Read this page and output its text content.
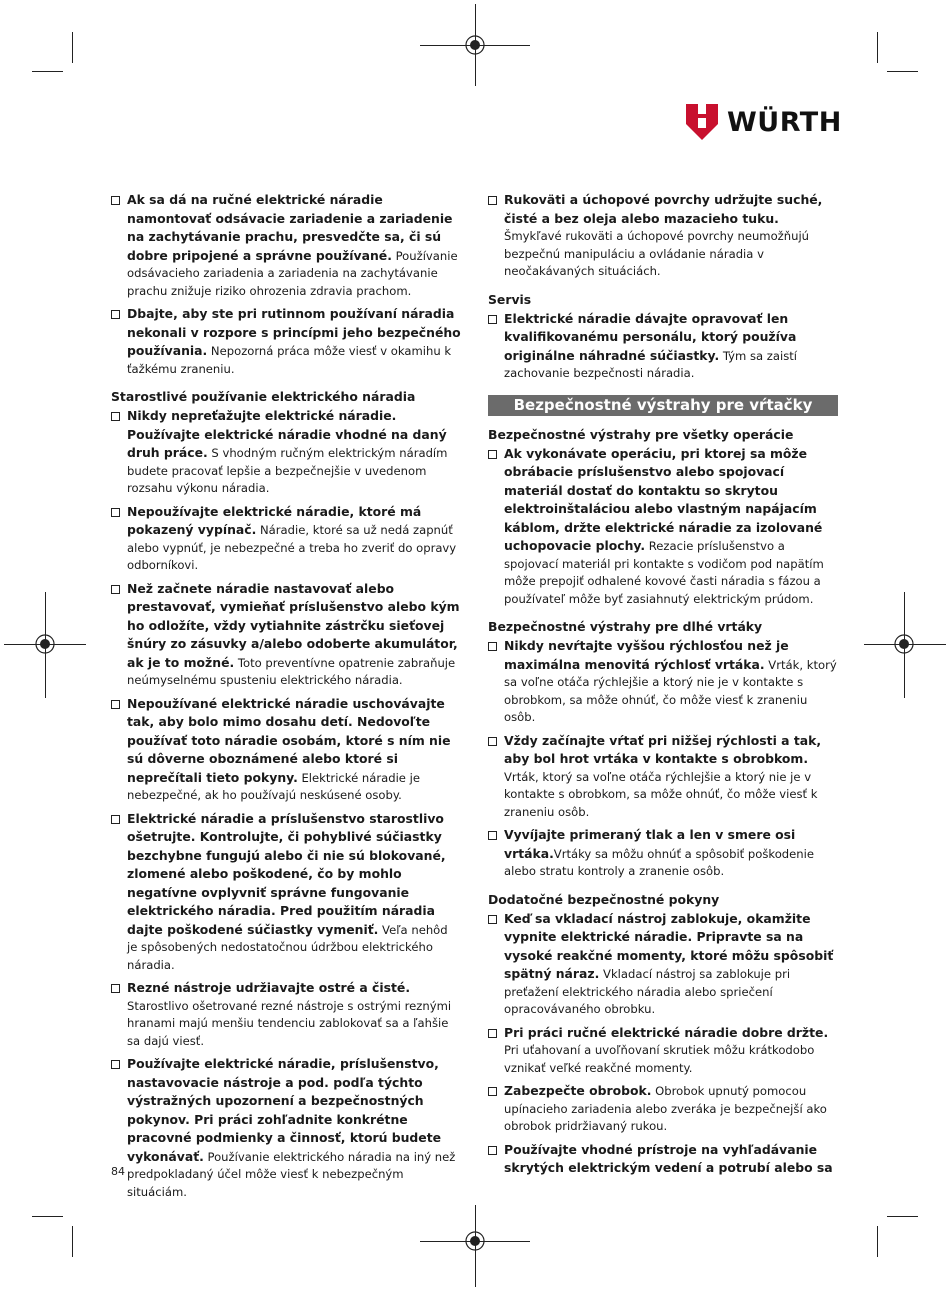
WÜRTH
Ak sa dá na ručné elektrické náradie namontovať odsávacie zariadenie a zariadenie na zachytávanie prachu, presvedčte sa, či sú dobre pripojené a správne používané. Používanie odsávacieho zariadenia a zariadenia na zachytávanie prachu znižuje riziko ohrozenia zdravia prachom.
Dbajte, aby ste pri rutinnom používaní náradia nekonali v rozpore s princípmi jeho bezpečného používania. Nepozorná práca môže viesť v okamihu k ťažkému zraneniu.
Starostlivé používanie elektrického náradia
Nikdy nepreťažujte elektrické náradie. Používajte elektrické náradie vhodné na daný druh práce. S vhodným ručným elektrickým náradím budete pracovať lepšie a bezpečnejšie v uvedenom rozsahu výkonu náradia.
Nepoužívajte elektrické náradie, ktoré má pokazený vypínač. Náradie, ktoré sa už nedá zapnúť alebo vypnúť, je nebezpečné a treba ho zveriť do opravy odborníkovi.
Než začnete náradie nastavovať alebo prestavovať, vymieňať príslušenstvo alebo kým ho odložíte, vždy vytiahnite zástrčku sieťovej šnúry zo zásuvky a/alebo odoberte akumulátor, ak je to možné. Toto preventívne opatrenie zabraňuje neúmyselnému spusteniu elektrického náradia.
Nepoužívané elektrické náradie uschovávajte tak, aby bolo mimo dosahu detí. Nedovoľte používať toto náradie osobám, ktoré s ním nie sú dôverne oboznámené alebo ktoré si neprečítali tieto pokyny. Elektrické náradie je nebezpečné, ak ho používajú neskúsené osoby.
Elektrické náradie a príslušenstvo starostlivo ošetrujte. Kontrolujte, či pohyblivé súčiastky bezchybne fungujú alebo či nie sú blokované, zlomené alebo poškodené, čo by mohlo negatívne ovplyvniť správne fungovanie elektrického náradia. Pred použitím náradia dajte poškodené súčiastky vymeniť. Veľa nehôd je spôsobených nedostatočnou údržbou elektrického náradia.
Rezné nástroje udržiavajte ostré a čisté. Starostlivo ošetrované rezné nástroje s ostrými reznými hranami majú menšiu tendenciu zablokovať sa a ľahšie sa dajú viesť.
Používajte elektrické náradie, príslušenstvo, nastavovacie nástroje a pod. podľa týchto výstražných upozornení a bezpečnostných pokynov. Pri práci zohľadnite konkrétne pracovné podmienky a činnosť, ktorú budete vykonávať. Používanie elektrického náradia na iný než predpokladaný účel môže viesť k nebezpečným situáciám.
Rukoväti a úchopové povrchy udržujte suché, čisté a bez oleja alebo mazacieho tuku. Šmykľavé rukoväti a úchopové povrchy neumožňujú bezpečnú manipuláciu a ovládanie náradia v neočakávaných situáciách.
Servis
Elektrické náradie dávajte opravovať len kvalifikovanému personálu, ktorý používa originálne náhradné súčiastky. Tým sa zaistí zachovanie bezpečnosti náradia.
Bezpečnostné výstrahy pre vŕtačky
Bezpečnostné výstrahy pre všetky operácie
Ak vykonávate operáciu, pri ktorej sa môže obrábacie príslušenstvo alebo spojovací materiál dostať do kontaktu so skrytou elektroinštaláciou alebo vlastným napájacím káblom, držte elektrické náradie za izolované uchopovacie plochy. Rezacie príslušenstvo a spojovací materiál pri kontakte s vodičom pod napätím môže prepojiť odhalené kovové časti náradia s fázou a používateľ môže byť zasiahnutý elektrickým prúdom.
Bezpečnostné výstrahy pre dlhé vrtáky
Nikdy nevŕtajte vyššou rýchlosťou než je maximálna menovitá rýchlosť vrtáka. Vrták, ktorý sa voľne otáča rýchlejšie a ktorý nie je v kontakte s obrobkom, sa môže ohnúť, čo môže viesť k zraneniu osôb.
Vždy začínajte vŕtať pri nižšej rýchlosti a tak, aby bol hrot vrtáka v kontakte s obrobkom. Vrták, ktorý sa voľne otáča rýchlejšie a ktorý nie je v kontakte s obrobkom, sa môže ohnúť, čo môže viesť k zraneniu osôb.
Vyvíjajte primeraný tlak a len v smere osi vrtáka.Vrtáky sa môžu ohnúť a spôsobiť poškodenie alebo stratu kontroly a zranenie osôb.
Dodatočné bezpečnostné pokyny
Keď sa vkladací nástroj zablokuje, okamžite vypnite elektrické náradie. Pripravte sa na vysoké reakčné momenty, ktoré môžu spôsobiť spätný náraz. Vkladací nástroj sa zablokuje pri preťažení elektrického náradia alebo spriečení opracovávaného obrobku.
Pri práci ručné elektrické náradie dobre držte. Pri uťahovaní a uvoľňovaní skrutiek môžu krátkodobo vznikať veľké reakčné momenty.
Zabezpečte obrobok. Obrobok upnutý pomocou upínacieho zariadenia alebo zveráka je bezpečnejší ako obrobok pridržiavaný rukou.
Používajte vhodné prístroje na vyhľadávanie skrytých elektrickým vedení a potrubí alebo sa
84
